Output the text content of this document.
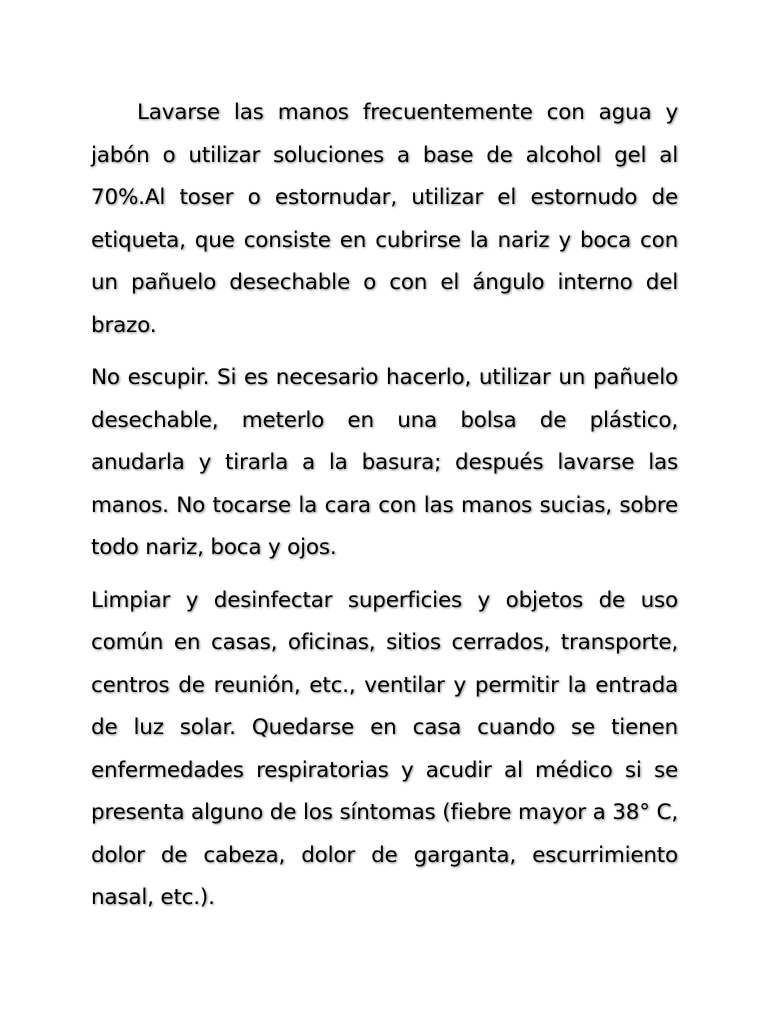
Lavarse las manos frecuentemente con agua y jabón o utilizar soluciones a base de alcohol gel al 70%.Al toser o estornudar, utilizar el estornudo de etiqueta, que consiste en cubrirse la nariz y boca con un pañuelo desechable o con el ángulo interno del brazo.

No escupir. Si es necesario hacerlo, utilizar un pañuelo desechable, meterlo en una bolsa de plástico, anudarla y tirarla a la basura; después lavarse las manos. No tocarse la cara con las manos sucias, sobre todo nariz, boca y ojos.

Limpiar y desinfectar superficies y objetos de uso común en casas, oficinas, sitios cerrados, transporte, centros de reunión, etc., ventilar y permitir la entrada de luz solar. Quedarse en casa cuando se tienen enfermedades respiratorias y acudir al médico si se presenta alguno de los síntomas (fiebre mayor a 38° C, dolor de cabeza, dolor de garganta, escurrimiento nasal, etc.).
